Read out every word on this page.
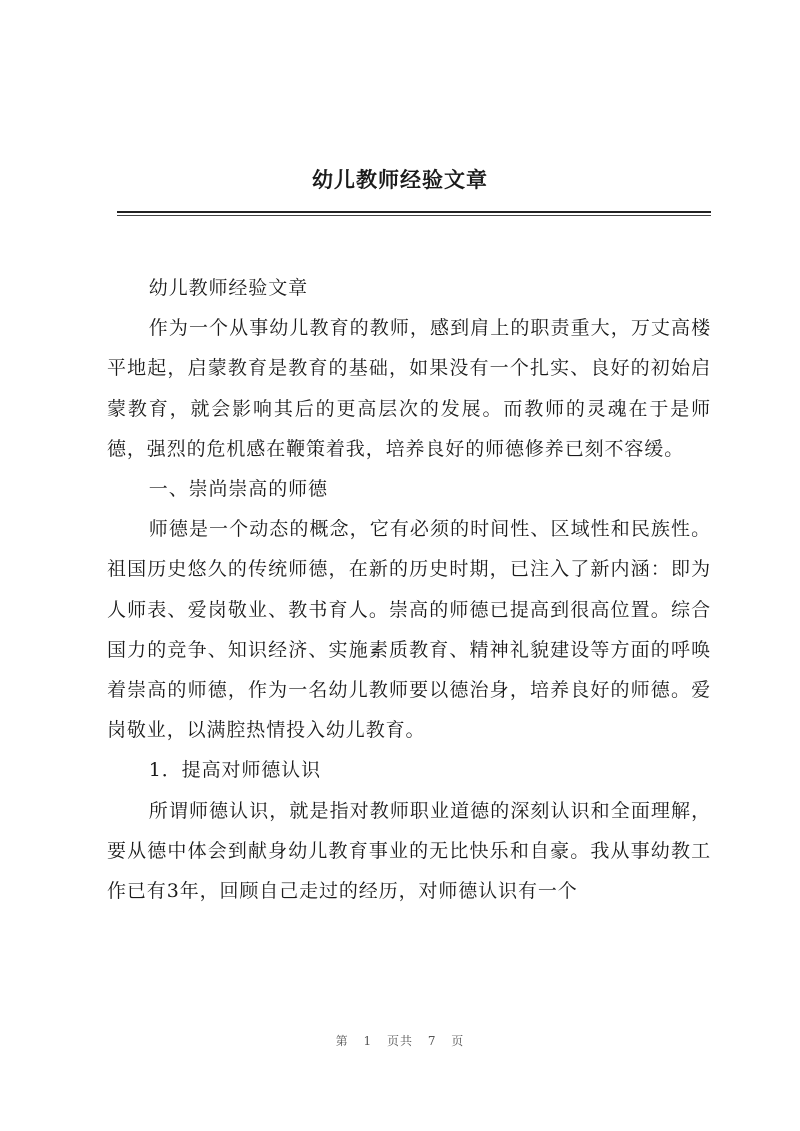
幼儿教师经验文章

幼儿教师经验文章

作为一个从事幼儿教育的教师，感到肩上的职责重大，万丈高楼平地起，启蒙教育是教育的基础，如果没有一个扎实、良好的初始启蒙教育，就会影响其后的更高层次的发展。而教师的灵魂在于是师德，强烈的危机感在鞭策着我，培养良好的师德修养已刻不容缓。

一、崇尚崇高的师德

师德是一个动态的概念，它有必须的时间性、区域性和民族性。祖国历史悠久的传统师德，在新的历史时期，已注入了新内涵：即为人师表、爱岗敬业、教书育人。崇高的师德已提高到很高位置。综合国力的竞争、知识经济、实施素质教育、精神礼貌建设等方面的呼唤着崇高的师德，作为一名幼儿教师要以德治身，培养良好的师德。爱岗敬业，以满腔热情投入幼儿教育。

1．提高对师德认识

所谓师德认识，就是指对教师职业道德的深刻认识和全面理解，要从德中体会到献身幼儿教育事业的无比快乐和自豪。我从事幼教工作已有3年，回顾自己走过的经历，对师德认识有一个

第 1 页共 7 页
